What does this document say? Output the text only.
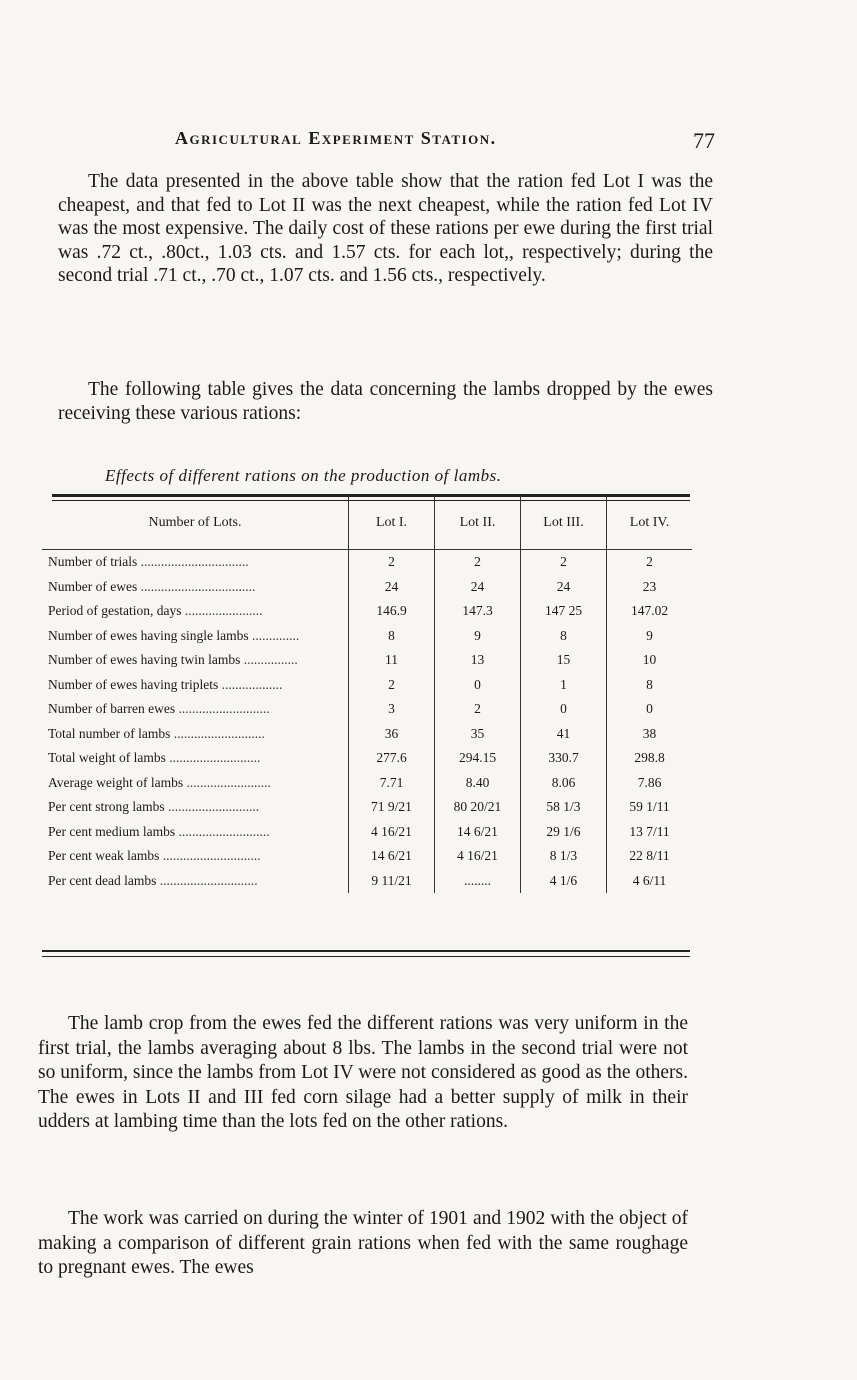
Agricultural Experiment Station.	77

The data presented in the above table show that the ration fed Lot I was the cheapest, and that fed to Lot II was the next cheapest, while the ration fed Lot IV was the most expensive. The daily cost of these rations per ewe during the first trial was .72 ct., .80ct., 1.03 cts. and 1.57 cts. for each lot,, respectively; during the second trial .71 ct., .70 ct., 1.07 cts. and 1.56 cts., respectively.

The following table gives the data concerning the lambs dropped by the ewes receiving these various rations:

Effects of different rations on the production of lambs.
Number of Lots.	Lot I.	Lot II.	Lot III.	Lot IV.
Number of trials ................................	2	2	2	2
Number of ewes ..................................	24	24	24	23
Period of gestation, days .......................	146.9	147.3	147 25	147.02
Number of ewes having single lambs ..............	8	9	8	9
Number of ewes having twin lambs ................	11	13	15	10
Number of ewes having triplets ..................	2	0	1	8
Number of barren ewes ...........................	3	2	0	0
Total number of lambs ...........................	36	35	41	38
Total weight of lambs ...........................	277.6	294.15	330.7	298.8
Average weight of lambs .........................	7.71	8.40	8.06	7.86
Per cent strong lambs ...........................	71 9/21	80 20/21	58 1/3	59 1/11
Per cent medium lambs ...........................	4 16/21	14 6/21	29 1/6	13 7/11
Per cent weak lambs .............................	14 6/21	4 16/21	8 1/3	22 8/11
Per cent dead lambs .............................	9 11/21	........	4 1/6	4 6/11

The lamb crop from the ewes fed the different rations was very uniform in the first trial, the lambs averaging about 8 lbs. The lambs in the second trial were not so uniform, since the lambs from Lot IV were not considered as good as the others. The ewes in Lots II and III fed corn silage had a better supply of milk in their udders at lambing time than the lots fed on the other rations.

The work was carried on during the winter of 1901 and 1902 with the object of making a comparison of different grain rations when fed with the same roughage to pregnant ewes. The ewes
